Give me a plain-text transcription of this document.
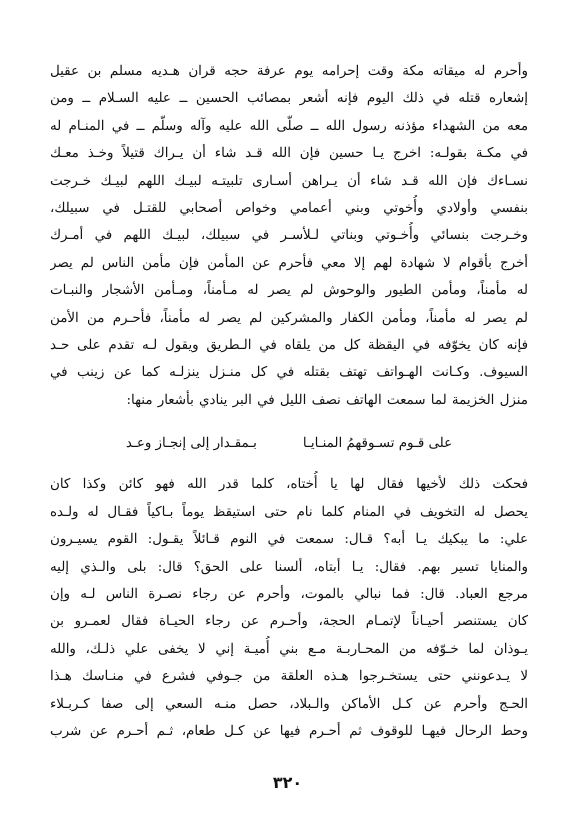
وأحرم له ميقاته مكة وقت إحرامه يوم عرفة حجه قران هـديه مسلم بن عقيل
إشعاره قتله في ذلك اليوم فإنه أشعر بمصائب الحسين ــ عليه السـلام ــ ومن
معه من الشهداء مؤذنه رسول الله ــ صلّى الله عليه وآله وسلّم ــ في المنـام له
في مكـة بقولـه: اخرج يـا حسين فإن الله قـد شاء أن يـراك قتيلاً وخـذ معـك
نسـاءك فإن الله قـد شاء أن يـراهن أسـارى تلبيتـه لبيـك اللهم لبيـك خـرجت
بنفسي وأولادي وأُخوتي وبني أعمامي وخواص أصحابي للقتـل في سبيلك،
وخـرجت بنسائي وأُخـوتي وبناتي لـلأسـر في سبيلك، لبيـك اللهم في أمـرك
أخرج بأقوام لا شهادة لهم إلا معي فأحرم عن المأمن فإن مأمن الناس لم يصر
له مأمناً، ومأمن الطيور والوحوش لم يصر له مـأمناً، ومـأمن الأشجار والنبـات
لم يصر له مأمناً، ومأمن الكفار والمشركين لم يصر له مأمناً، فأحـرم من الأمن
فإنه كان يخوّفه في اليقظة كل من يلقاه في الـطريق ويقول لـه تقدم على حـد
السيوف. وكـانت الهـواتف تهتف بقتله في كل منـزل ينزلـه كما عن زينب في
منزل الخزيمة لما سمعت الهاتف نصف الليل في البر ينادي بأشعار منها:

على قـوم تسـوقهمُ المنـايـا
بـمقـدار إلى إنجـاز وعـد

فحكت ذلك لأخيها فقال لها يا أُختاه، كلما قدر الله فهو كائن وكذا كان
يحصل له التخويف في المنام كلما نام حتى استيقظ يوماً بـاكياً فقـال له ولـده
علي: ما يبكيك يـا أبه؟ قـال: سمعت في النوم قـائلاً يقـول: القوم يسيـرون
والمنايا تسير بهم. فقال: يـا أبتاه، ألسنا على الحق؟ قال: بلى والـذي إليه
مرجع العباد. قال: فما نبالي بالموت، وأحرم عن رجاء نصـرة الناس لـه وإن
كان يستنصر أحيـاناً لإتمـام الحجة، وأحـرم عن رجاء الحيـاة فقال لعمـرو بن
يـوذان لما خـوّفه من المحـاربـة مـع بني أُميـة إني لا يخفى علي ذلـك، والله
لا يـدعونني حتى يستخـرجوا هـذه العلقة من جـوفي فشرع في منـاسك هـذا
الحـج وأحرم عن كـل الأماكن والـبلاد، حصل منـه السعي إلى صفا كـربـلاء
وحط الرحال فيهـا للوقوف ثم أحـرم فيها عن كـل طعام، ثـم أحـرم عن شرب

٣٢٠
